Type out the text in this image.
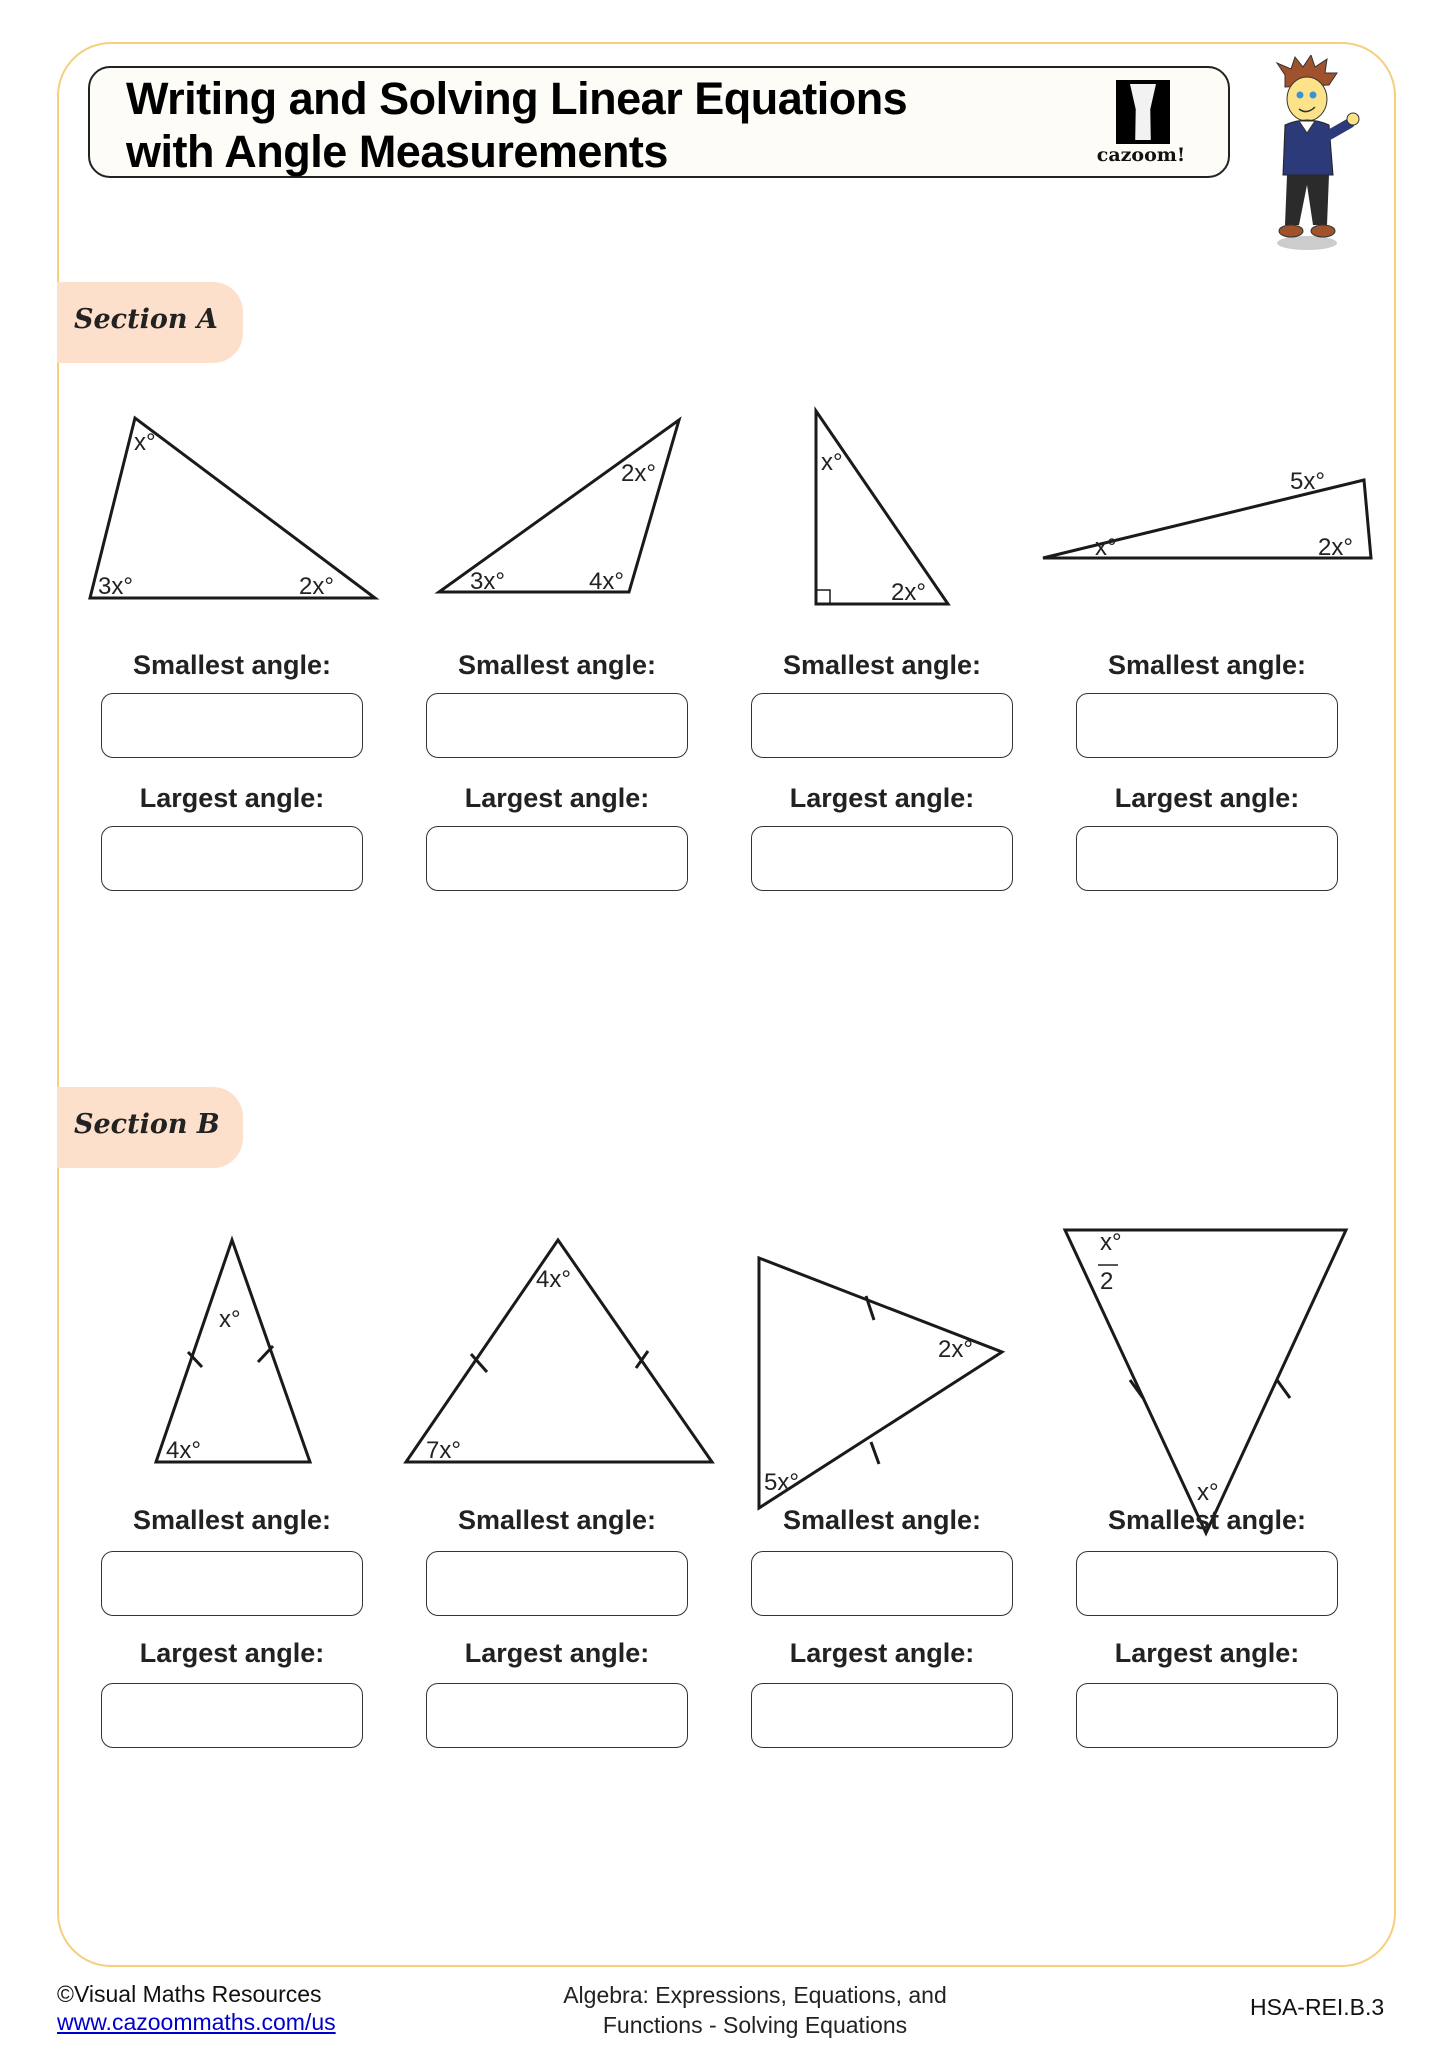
Writing and Solving Linear Equations
with Angle Measurements	cazoom!
Section A
x°
3x°	2x°
2x°
3x°	4x°
x°
2x°
5x°
2x°
x°
x°
4x°
4x°
7x°
2x°
5x°
x°
2
x°
Smallest angle:	Smallest angle:	Smallest angle:	Smallest angle:
Largest angle:	Largest angle:	Largest angle:	Largest angle:
Section B
Smallest angle:	Smallest angle:	Smallest angle:	Smallest angle:
Largest angle:	Largest angle:	Largest angle:	Largest angle:
©Visual Maths Resources
www.cazoommaths.com/us
Algebra: Expressions, Equations, and
Functions - Solving Equations
HSA-REI.B.3
